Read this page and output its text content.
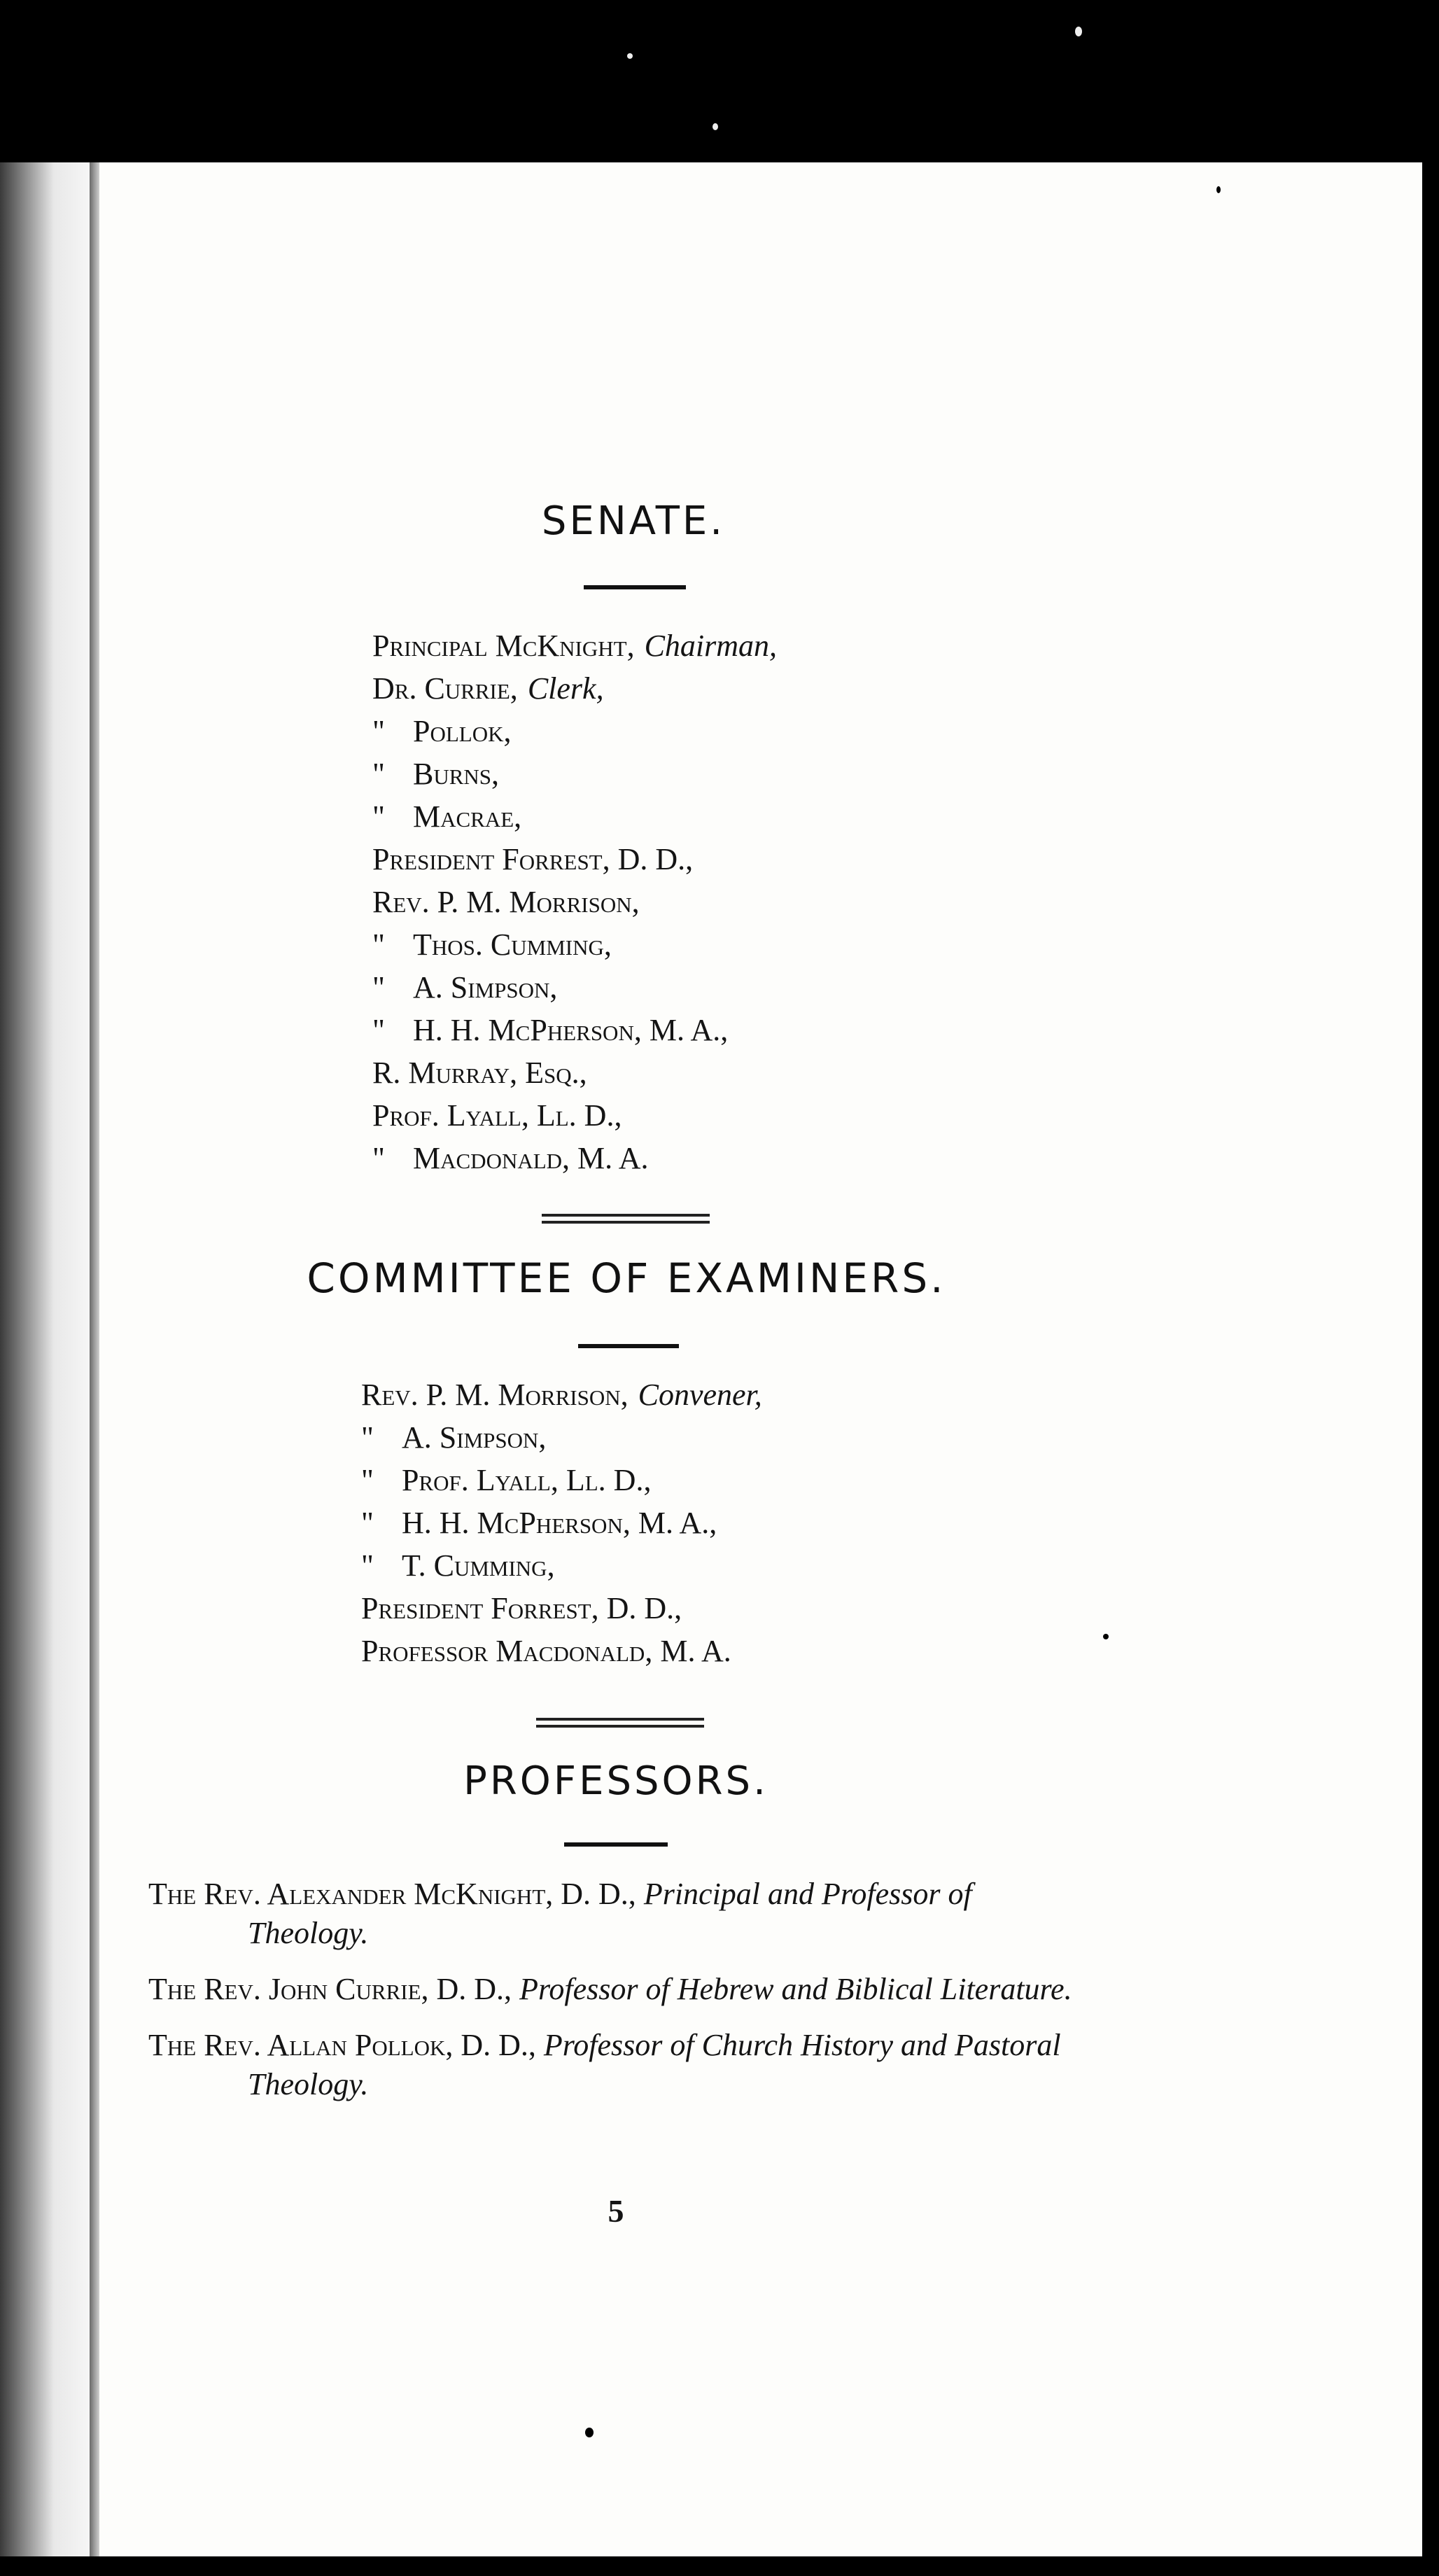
SENATE.
Principal McKnight, Chairman,
Dr. Currie, Clerk,
" Pollok,
" Burns,
" Macrae,
President Forrest, D. D.,
Rev. P. M. Morrison,
" Thos. Cumming,
" A. Simpson,
" H. H. McPherson, M. A.,
R. Murray, Esq.,
Prof. Lyall, Ll. D.,
" Macdonald, M. A.
COMMITTEE OF EXAMINERS.
Rev. P. M. Morrison, Convener,
" A. Simpson,
" Prof. Lyall, Ll. D.,
" H. H. McPherson, M. A.,
" T. Cumming,
President Forrest, D. D.,
Professor Macdonald, M. A.
PROFESSORS.
The Rev. Alexander McKnight, D. D., Principal and Professor of Theology.
The Rev. John Currie, D. D., Professor of Hebrew and Biblical Literature.
The Rev. Allan Pollok, D. D., Professor of Church History and Pastoral Theology.
5
